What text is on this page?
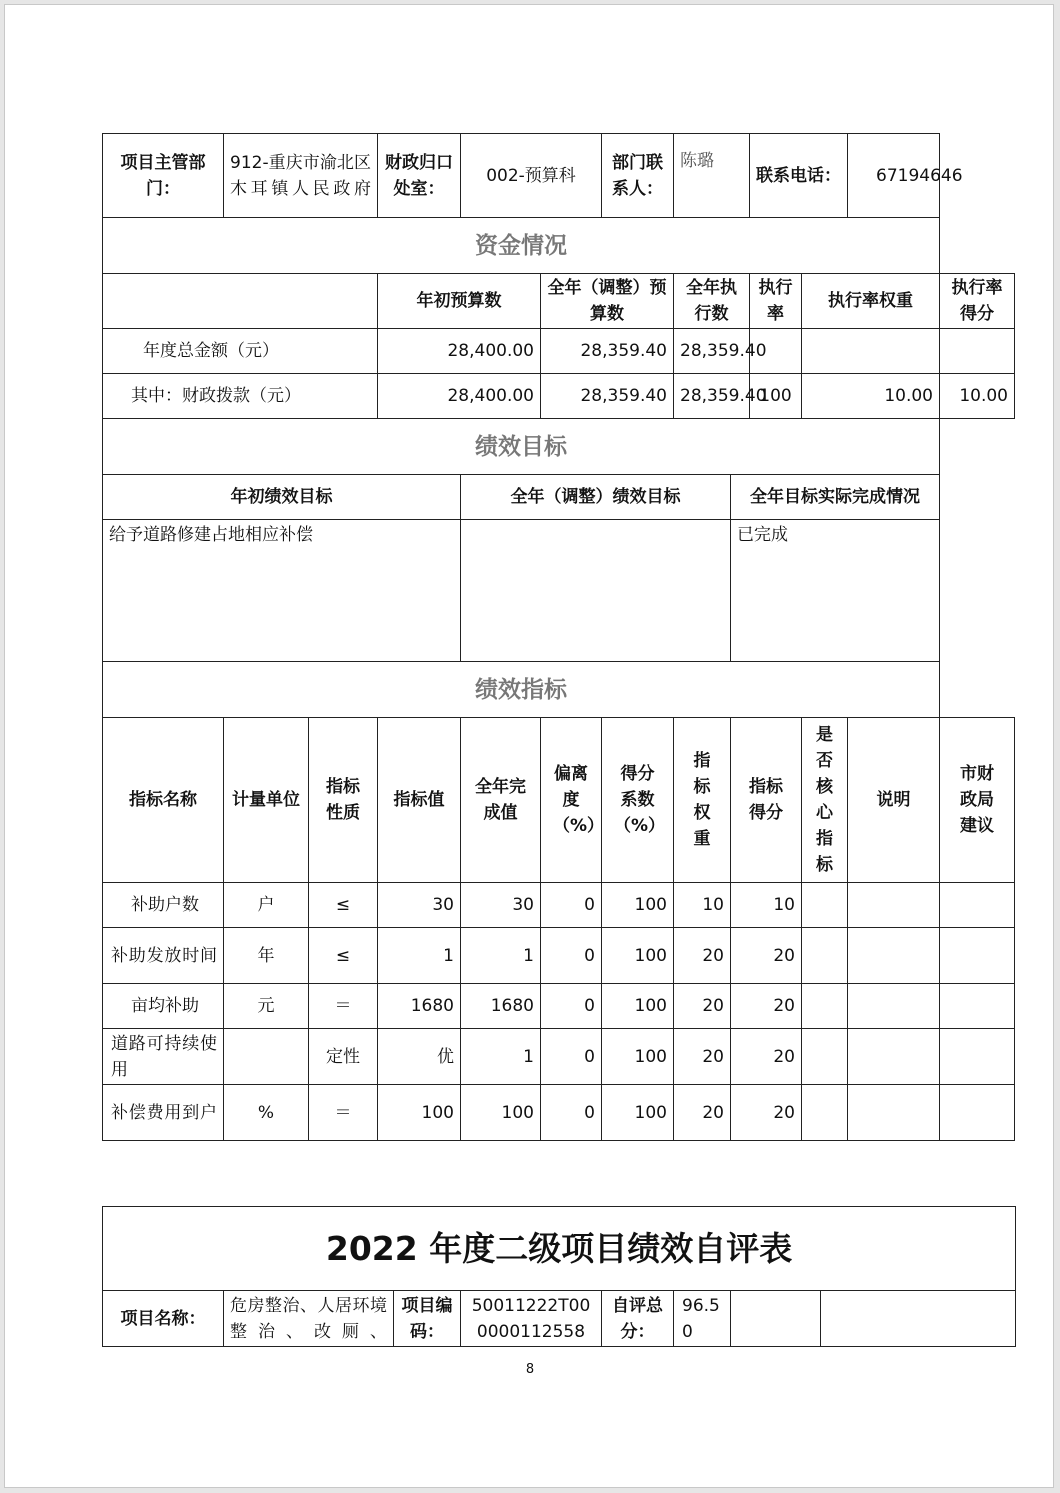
项目主管部门：	912-重庆市渝北区木耳镇人民政府		财政归口处室：	002-预算科		部门联系人：	陈璐		联系电话：		67194646	
资金情况												
			年初预算数		全年（调整）预算数		全年执行数		执行率	执行率权重		执行率得分
年度总金额（元）			28,400.00		28,359.40		28,359.40					
其中：财政拨款（元）			28,400.00		28,359.40		28,359.40		100	10.00		10.00
绩效目标												
年初绩效目标				全年（调整）绩效目标				全年目标实际完成情况				
给予道路修建占地相应补偿								已完成				
绩效指标												
指标名称	计量单位	指标性质	指标值	全年完成值	偏离度（%）	得分系数（%）	指标权重	指标得分		是否核心指标	说明	市财政局建议
补助户数	户	≤	30	30	0	100	10	10				
补助发放时间	年	≤	1	1	0	100	20	20				
亩均补助	元	＝	1680	1680	0	100	20	20				
道路可持续使用		定性	优	1	0	100	20	20				
补偿费用到户	%	＝	100	100	0	100	20	20				
2022 年度二级项目绩效自评表
项目名称：	危房整治、人居环境整治、改厕、	项目编码：	50011222T000000112558	自评总分：	96.50		
8
